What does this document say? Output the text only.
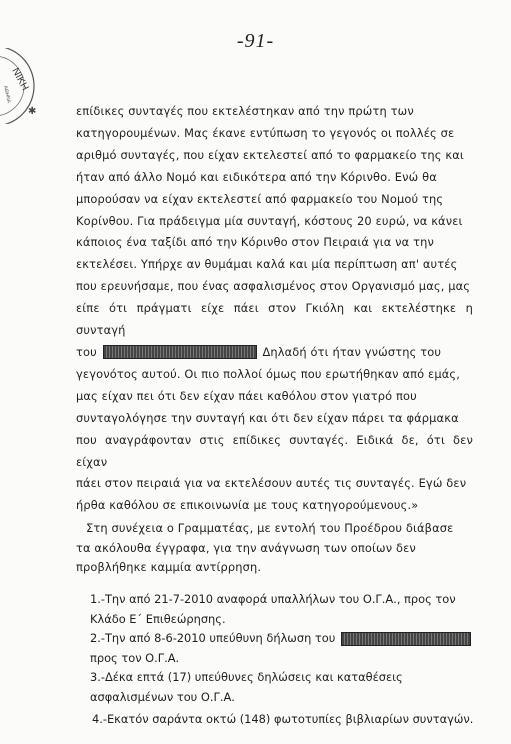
-91-
ΝΙΚΗ
ΑΘΗΝΑ
✱	επίδικες συνταγές που εκτελέστηκαν από την πρώτη των

κατηγορουμένων. Μας έκανε εντύπωση το γεγονός οι πολλές σε

αριθμό συνταγές, που είχαν εκτελεστεί από το φαρμακείο της και

ήταν από άλλο Νομό και ειδικότερα από την Κόρινθο. Ενώ θα

μπορούσαν να είχαν εκτελεστεί από φαρμακείο του Νομού της

Κορίνθου. Για πράδειγμα μία συνταγή, κόστους 20 ευρώ, να κάνει

κάποιος ένα ταξίδι από την Κόρινθο στον Πειραιά για να την

εκτελέσει. Υπήρχε αν θυμάμαι καλά και μία περίπτωση απ' αυτές

που ερευνήσαμε, που ένας ασφαλισμένος στον Οργανισμό μας, μας

είπε ότι πράγματι είχε πάει στον Γκιόλη και εκτελέστηκε η συνταγή

του	Δηλαδή ότι ήταν γνώστης του

γεγονότος αυτού. Οι πιο πολλοί όμως που ερωτήθηκαν από εμάς,

μας είχαν πει ότι δεν είχαν πάει καθόλου στον γιατρό που

συνταγολόγησε την συνταγή και ότι δεν είχαν πάρει τα φάρμακα

που αναγράφονταν στις επίδικες συνταγές. Ειδικά δε, ότι δεν είχαν

πάει στον πειραιά για να εκτελέσουν αυτές τις συνταγές. Εγώ δεν

ήρθα καθόλου σε επικοινωνία με τους κατηγορούμενους.»

Στη συνέχεια ο Γραμματέας, με εντολή του Προέδρου διάβασε

τα ακόλουθα έγγραφα, για την ανάγνωση των οποίων δεν

προβλήθηκε καμμία αντίρρηση.

1.-Την από 21-7-2010 αναφορά υπαλλήλων του Ο.Γ.Α., προς τον

Κλάδο Ε΄ Επιθεώρησης.

2.-Την από 8-6-2010 υπεύθυνη δήλωση του

προς τον Ο.Γ.Α.

3.-Δέκα επτά (17) υπεύθυνες δηλώσεις και καταθέσεις

ασφαλισμένων του Ο.Γ.Α.

4.-Εκατόν σαράντα οκτώ (148) φωτοτυπίες βιβλιαρίων συνταγών.
